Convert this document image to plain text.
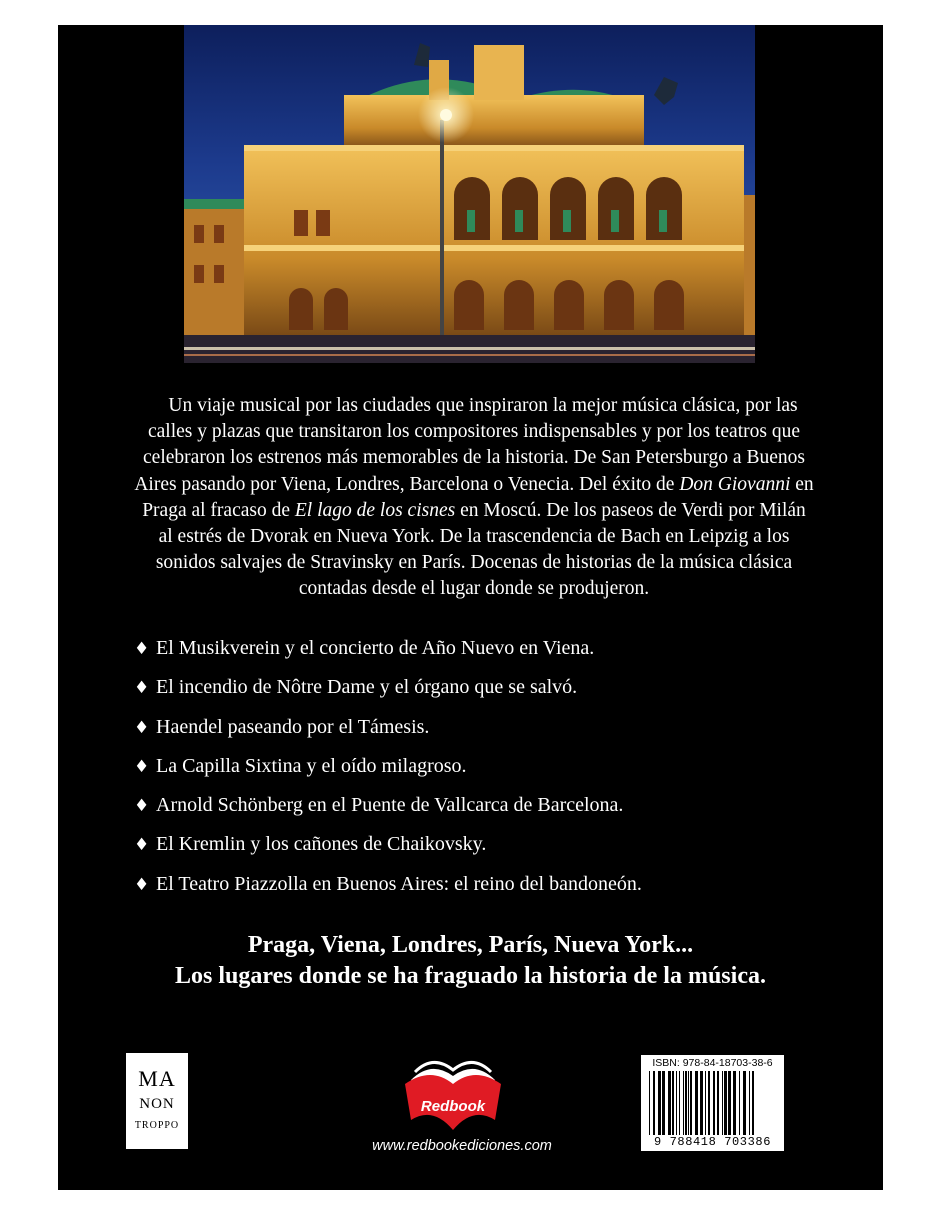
Un viaje musical por las ciudades que inspiraron la mejor música clásica, por las calles y plazas que transitaron los compositores indispensables y por los teatros que celebraron los estrenos más memorables de la historia. De San Petersburgo a Buenos Aires pasando por Viena, Londres, Barcelona o Venecia. Del éxito de Don Giovanni en Praga al fracaso de El lago de los cisnes en Moscú. De los paseos de Verdi por Milán al estrés de Dvorak en Nueva York. De la trascendencia de Bach en Leipzig a los sonidos salvajes de Stravinsky en París. Docenas de historias de la música clásica contadas desde el lugar donde se produjeron.
♦ El Musikverein y el concierto de Año Nuevo en Viena.
♦ El incendio de Nôtre Dame y el órgano que se salvó.
♦ Haendel paseando por el Támesis.
♦ La Capilla Sixtina y el oído milagroso.
♦ Arnold Schönberg en el Puente de Vallcarca de Barcelona.
♦ El Kremlin y los cañones de Chaikovsky.
♦ El Teatro Piazzolla en Buenos Aires: el reino del bandoneón.
Praga, Viena, Londres, París, Nueva York...
Los lugares donde se ha fraguado la historia de la música.
MA
NON
TROPPO
Redbook
www.redbookediciones.com
ISBN: 978-84-18703-38-6
9 788418 703386
